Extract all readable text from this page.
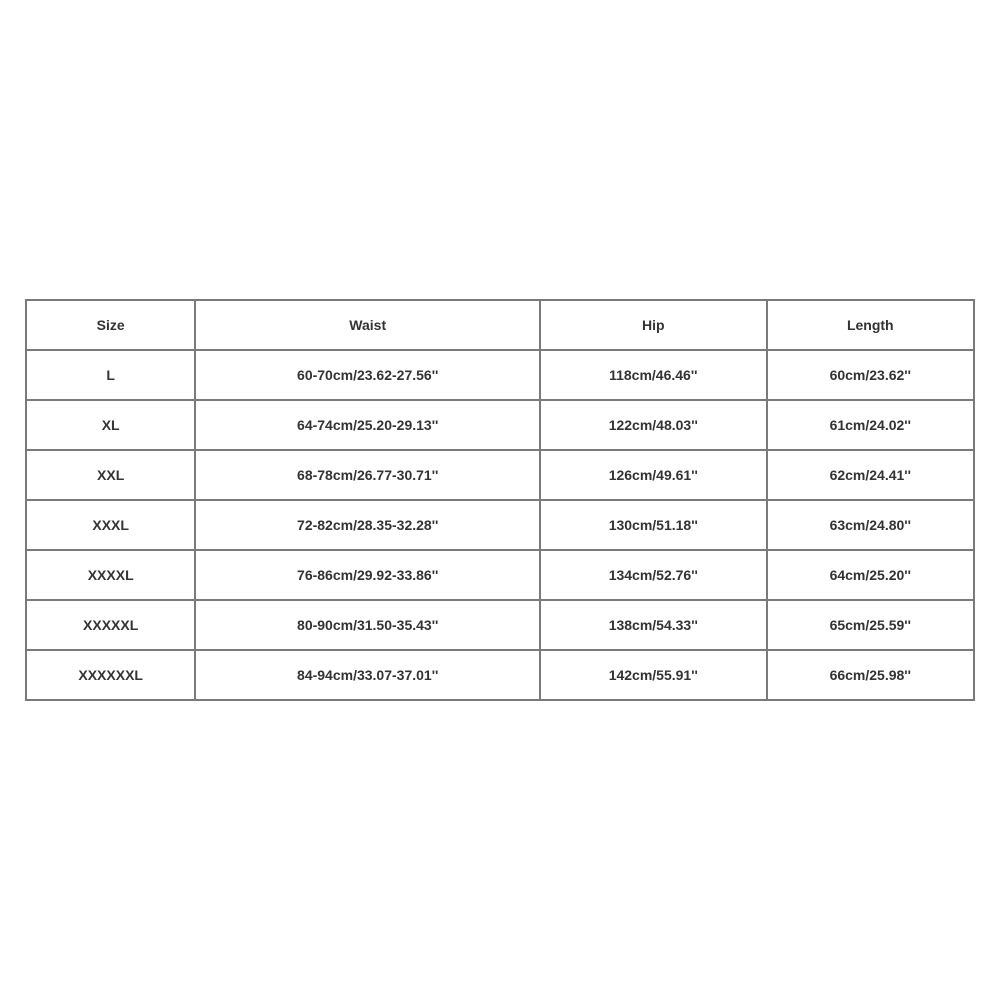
Size	Waist	Hip	Length
L	60-70cm/23.62-27.56''	118cm/46.46''	60cm/23.62''
XL	64-74cm/25.20-29.13''	122cm/48.03''	61cm/24.02''
XXL	68-78cm/26.77-30.71''	126cm/49.61''	62cm/24.41''
XXXL	72-82cm/28.35-32.28''	130cm/51.18''	63cm/24.80''
XXXXL	76-86cm/29.92-33.86''	134cm/52.76''	64cm/25.20''
XXXXXL	80-90cm/31.50-35.43''	138cm/54.33''	65cm/25.59''
XXXXXXL	84-94cm/33.07-37.01''	142cm/55.91''	66cm/25.98''
